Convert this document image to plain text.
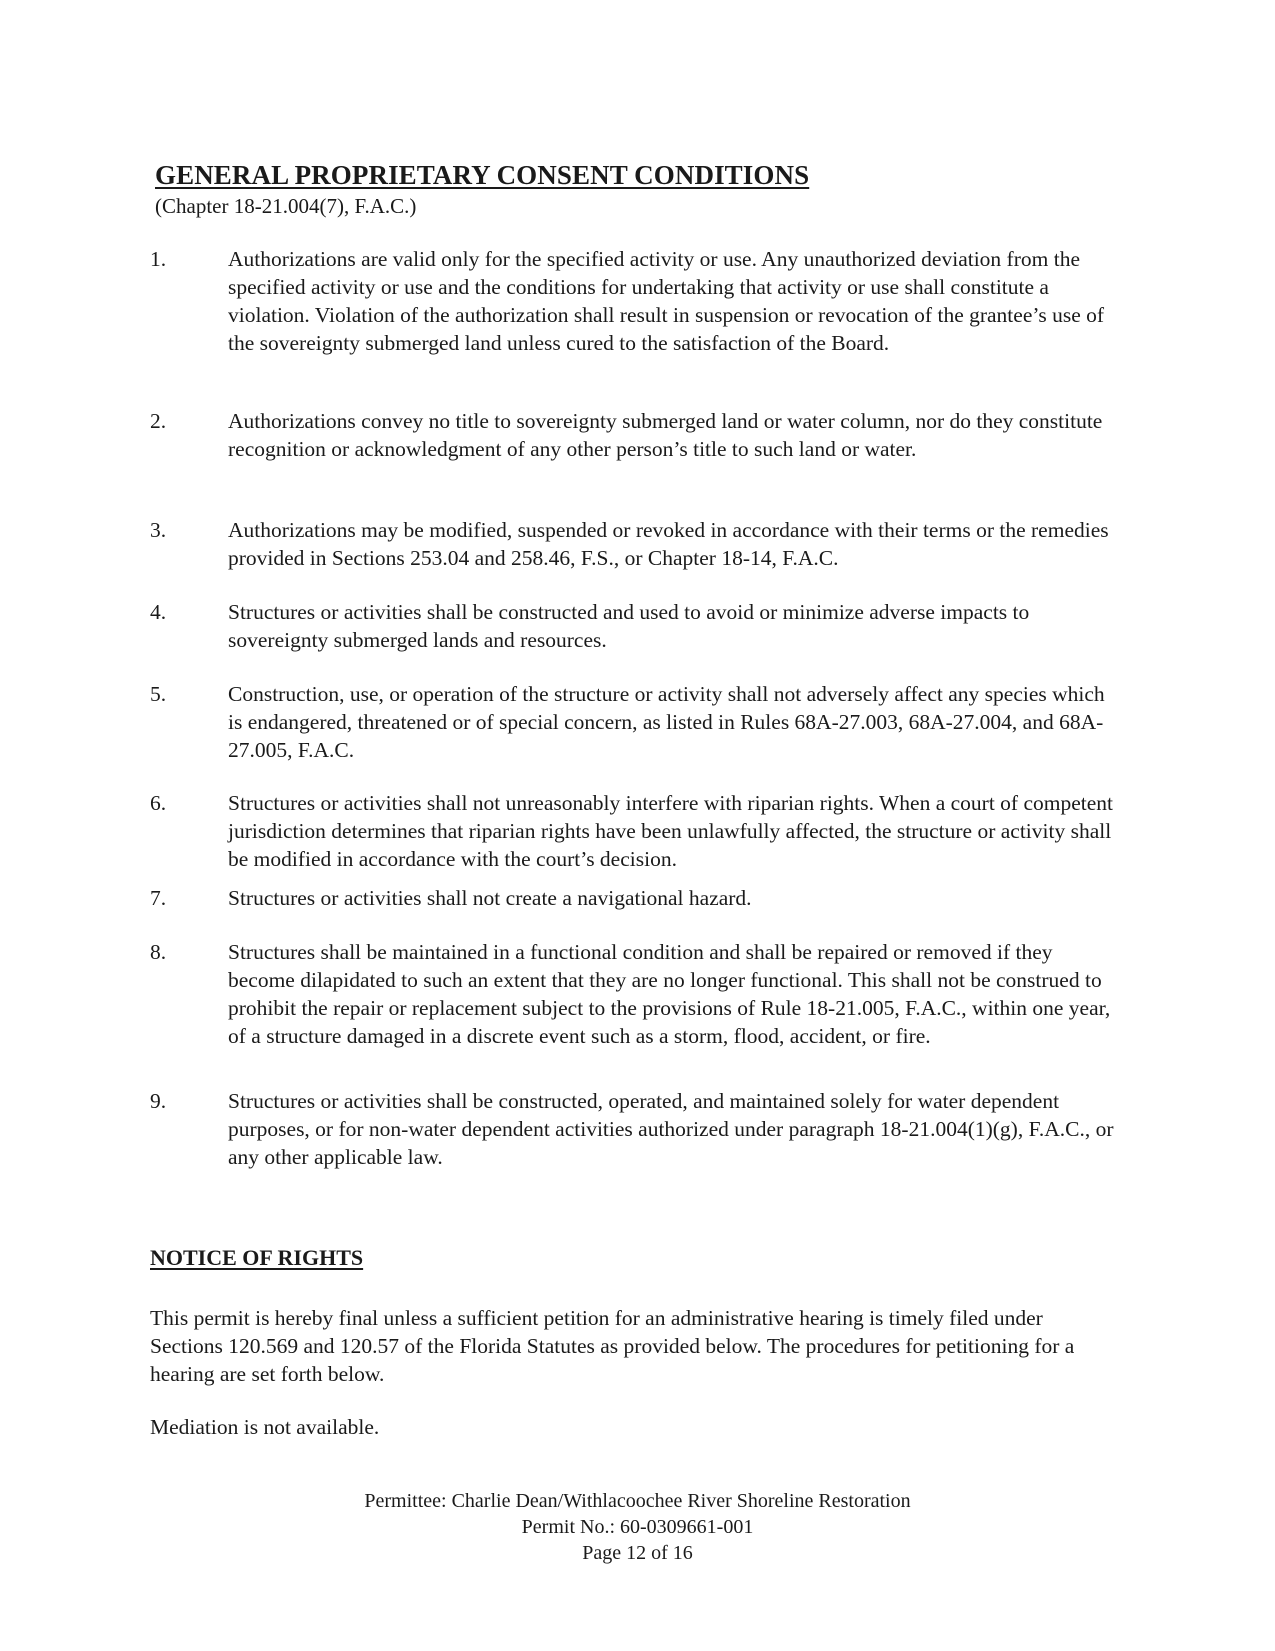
GENERAL PROPRIETARY CONSENT CONDITIONS
(Chapter 18-21.004(7), F.A.C.)
1.	Authorizations are valid only for the specified activity or use. Any unauthorized deviation from the specified activity or use and the conditions for undertaking that activity or use shall constitute a violation. Violation of the authorization shall result in suspension or revocation of the grantee’s use of the sovereignty submerged land unless cured to the satisfaction of the Board.
2.	Authorizations convey no title to sovereignty submerged land or water column, nor do they constitute recognition or acknowledgment of any other person’s title to such land or water.
3.	Authorizations may be modified, suspended or revoked in accordance with their terms or the remedies provided in Sections 253.04 and 258.46, F.S., or Chapter 18-14, F.A.C.
4.	Structures or activities shall be constructed and used to avoid or minimize adverse impacts to sovereignty submerged lands and resources.
5.	Construction, use, or operation of the structure or activity shall not adversely affect any species which is endangered, threatened or of special concern, as listed in Rules 68A-27.003, 68A-27.004, and 68A-27.005, F.A.C.
6.	Structures or activities shall not unreasonably interfere with riparian rights. When a court of competent jurisdiction determines that riparian rights have been unlawfully affected, the structure or activity shall be modified in accordance with the court’s decision.
7.	Structures or activities shall not create a navigational hazard.
8.	Structures shall be maintained in a functional condition and shall be repaired or removed if they become dilapidated to such an extent that they are no longer functional. This shall not be construed to prohibit the repair or replacement subject to the provisions of Rule 18-21.005, F.A.C., within one year, of a structure damaged in a discrete event such as a storm, flood, accident, or fire.
9.	Structures or activities shall be constructed, operated, and maintained solely for water dependent purposes, or for non-water dependent activities authorized under paragraph 18-21.004(1)(g), F.A.C., or any other applicable law.
NOTICE OF RIGHTS
This permit is hereby final unless a sufficient petition for an administrative hearing is timely filed under Sections 120.569 and 120.57 of the Florida Statutes as provided below. The procedures for petitioning for a hearing are set forth below.
Mediation is not available.
Permittee: Charlie Dean/Withlacoochee River Shoreline Restoration
Permit No.: 60-0309661-001
Page 12 of 16
